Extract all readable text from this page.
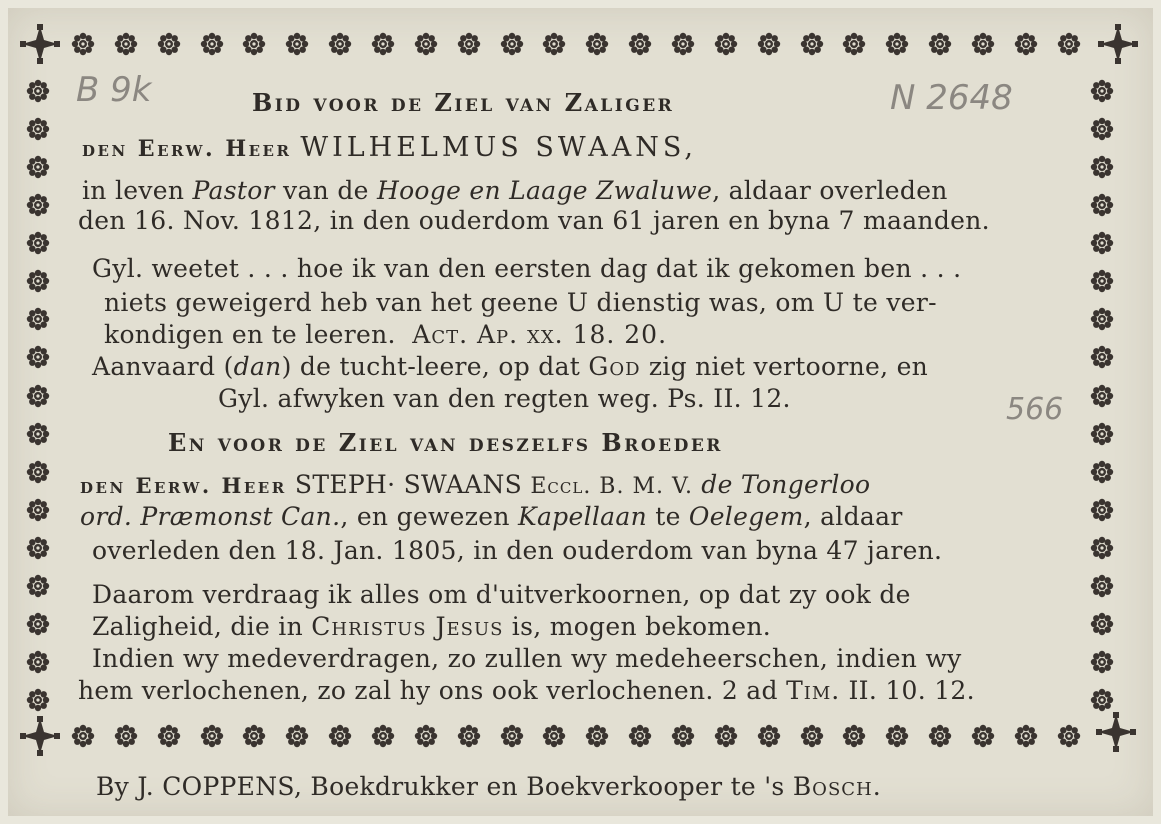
B 9k	N 2648
566
Bid voor de Ziel van Zaliger
den Eerw. Heer WILHELMUS SWAANS,
in leven Pastor van de Hooge en Laage Zwaluwe, aldaar overleden
den 16. Nov. 1812, in den ouderdom van 61 jaren en byna 7 maanden.
Gyl. weetet . . . hoe ik van den eersten dag dat ik gekomen ben . . .
niets geweigerd heb van het geene U dienstig was, om U te ver-
kondigen en te leeren. Act. Ap. xx. 18. 20.
Aanvaard (dan) de tucht-leere, op dat God zig niet vertoorne, en
Gyl. afwyken van den regten weg. Ps. II. 12.
En voor de Ziel van deszelfs Broeder
den Eerw. Heer STEPH· SWAANS Eccl. B. M. V. de Tongerloo
ord. Præmonst Can., en gewezen Kapellaan te Oelegem, aldaar
overleden den 18. Jan. 1805, in den ouderdom van byna 47 jaren.
Daarom verdraag ik alles om d'uitverkoornen, op dat zy ook de
Zaligheid, die in Christus Jesus is, mogen bekomen.
Indien wy medeverdragen, zo zullen wy medeheerschen, indien wy
hem verlochenen, zo zal hy ons ook verlochenen. 2 ad Tim. II. 10. 12.
By J. COPPENS, Boekdrukker en Boekverkooper te 's Bosch.
